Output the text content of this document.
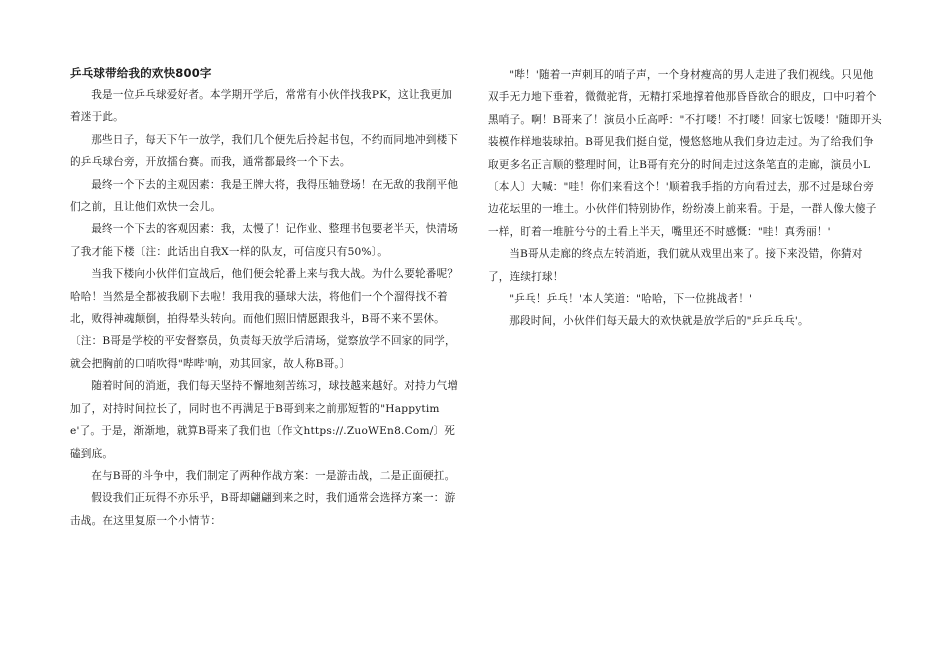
乒乓球带给我的欢快800字

我是一位乒乓球爱好者。本学期开学后，常常有小伙伴找我PK，这让我更加着迷于此。

那些日子，每天下午一放学，我们几个便先后拎起书包，不约而同地冲到楼下的乒乓球台旁，开放擂台赛。而我，通常都最终一个下去。

最终一个下去的主观因素：我是王牌大将，我得压轴登场！在无敌的我削平他们之前，且让他们欢快一会儿。

最终一个下去的客观因素：我，太慢了！记作业、整理书包要老半天，快清场了我才能下楼〔注：此话出自我X一样的队友，可信度只有50%〕。

当我下楼向小伙伴们宣战后，他们便会轮番上来与我大战。为什么要轮番呢？哈哈！当然是全都被我刷下去啦！我用我的骚球大法，将他们一个个溜得找不着北，败得神魂颠倒，拍得晕头转向。而他们照旧情愿跟我斗，B哥不来不罢休。〔注：B哥是学校的平安督察员，负责每天放学后清场，觉察放学不回家的同学，就会把胸前的口哨吹得"哔哔'响，劝其回家，故人称B哥。〕

随着时间的消逝，我们每天坚持不懈地刻苦练习，球技越来越好。对持力气增加了，对持时间拉长了，同时也不再满足于B哥到来之前那短暂的"Happytime'了。于是，渐渐地，就算B哥来了我们也〔作文https://.ZuoWEn8.Com/〕死磕到底。

在与B哥的斗争中，我们制定了两种作战方案：一是游击战，二是正面硬扛。

假设我们正玩得不亦乐乎，B哥却翩翩到来之时，我们通常会选择方案一：游击战。在这里复原一个小情节：

"哔！'随着一声刺耳的哨子声，一个身材瘦高的男人走进了我们视线。只见他双手无力地下垂着，微微驼背，无精打采地撑着他那昏昏欲合的眼皮，口中叼着个黑哨子。啊！B哥来了！演员小丘高呼："不打喽！不打喽！回家七饭喽！'随即开头装模作样地装球拍。B哥见我们挺自觉，慢悠悠地从我们身边走过。为了给我们争取更多名正言顺的整理时间，让B哥有充分的时间走过这条笔直的走廊，演员小L〔本人〕大喊："哇！你们来看这个！'顺着我手指的方向看过去，那不过是球台旁边花坛里的一堆土。小伙伴们特别协作，纷纷凑上前来看。于是，一群人像大傻子一样，盯着一堆脏兮兮的土看上半天，嘴里还不时感慨："哇！真秀丽！'

当B哥从走廊的终点左转消逝，我们就从戏里出来了。接下来没错，你猜对了，连续打球！

"乒乓！乒乓！'本人笑道："哈哈，下一位挑战者！'

那段时间，小伙伴们每天最大的欢快就是放学后的"乒乒乓乓'。
